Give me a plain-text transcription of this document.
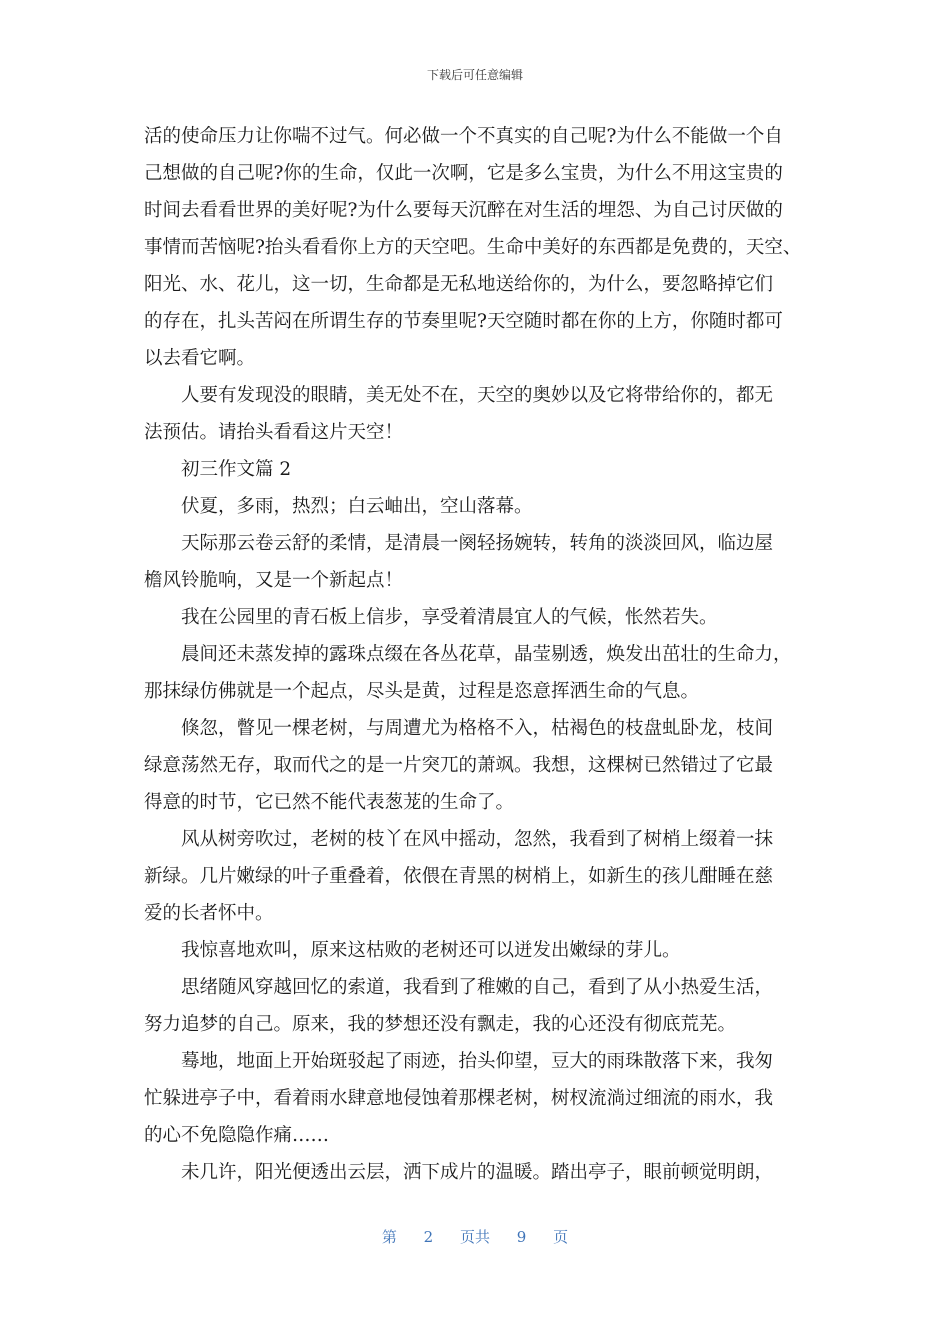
下载后可任意编辑
活的使命压力让你喘不过气。何必做一个不真实的自己呢?为什么不能做一个自
己想做的自己呢?你的生命，仅此一次啊，它是多么宝贵，为什么不用这宝贵的
时间去看看世界的美好呢?为什么要每天沉醉在对生活的埋怨、为自己讨厌做的
事情而苦恼呢?抬头看看你上方的天空吧。生命中美好的东西都是免费的，天空、
阳光、水、花儿，这一切，生命都是无私地送给你的，为什么，要忽略掉它们
的存在，扎头苦闷在所谓生存的节奏里呢?天空随时都在你的上方，你随时都可
以去看它啊。
人要有发现没的眼睛，美无处不在，天空的奥妙以及它将带给你的，都无
法预估。请抬头看看这片天空！
初三作文篇 2
伏夏，多雨，热烈；白云岫出，空山落幕。
天际那云卷云舒的柔情，是清晨一阕轻扬婉转，转角的淡淡回风，临边屋
檐风铃脆响，又是一个新起点！
我在公园里的青石板上信步，享受着清晨宜人的气候，怅然若失。
晨间还未蒸发掉的露珠点缀在各丛花草，晶莹剔透，焕发出茁壮的生命力，
那抹绿仿佛就是一个起点，尽头是黄，过程是恣意挥洒生命的气息。
倏忽，瞥见一棵老树，与周遭尤为格格不入，枯褐色的枝盘虬卧龙，枝间
绿意荡然无存，取而代之的是一片突兀的萧飒。我想，这棵树已然错过了它最
得意的时节，它已然不能代表葱茏的生命了。
风从树旁吹过，老树的枝丫在风中摇动，忽然，我看到了树梢上缀着一抹
新绿。几片嫩绿的叶子重叠着，依偎在青黑的树梢上，如新生的孩儿酣睡在慈
爱的长者怀中。
我惊喜地欢叫，原来这枯败的老树还可以迸发出嫩绿的芽儿。
思绪随风穿越回忆的索道，我看到了稚嫩的自己，看到了从小热爱生活，
努力追梦的自己。原来，我的梦想还没有飘走，我的心还没有彻底荒芜。
蓦地，地面上开始斑驳起了雨迹，抬头仰望，豆大的雨珠散落下来，我匆
忙躲进亭子中，看着雨水肆意地侵蚀着那棵老树，树杈流淌过细流的雨水，我
的心不免隐隐作痛……
未几许，阳光便透出云层，洒下成片的温暖。踏出亭子，眼前顿觉明朗，
第 2 页共 9 页
